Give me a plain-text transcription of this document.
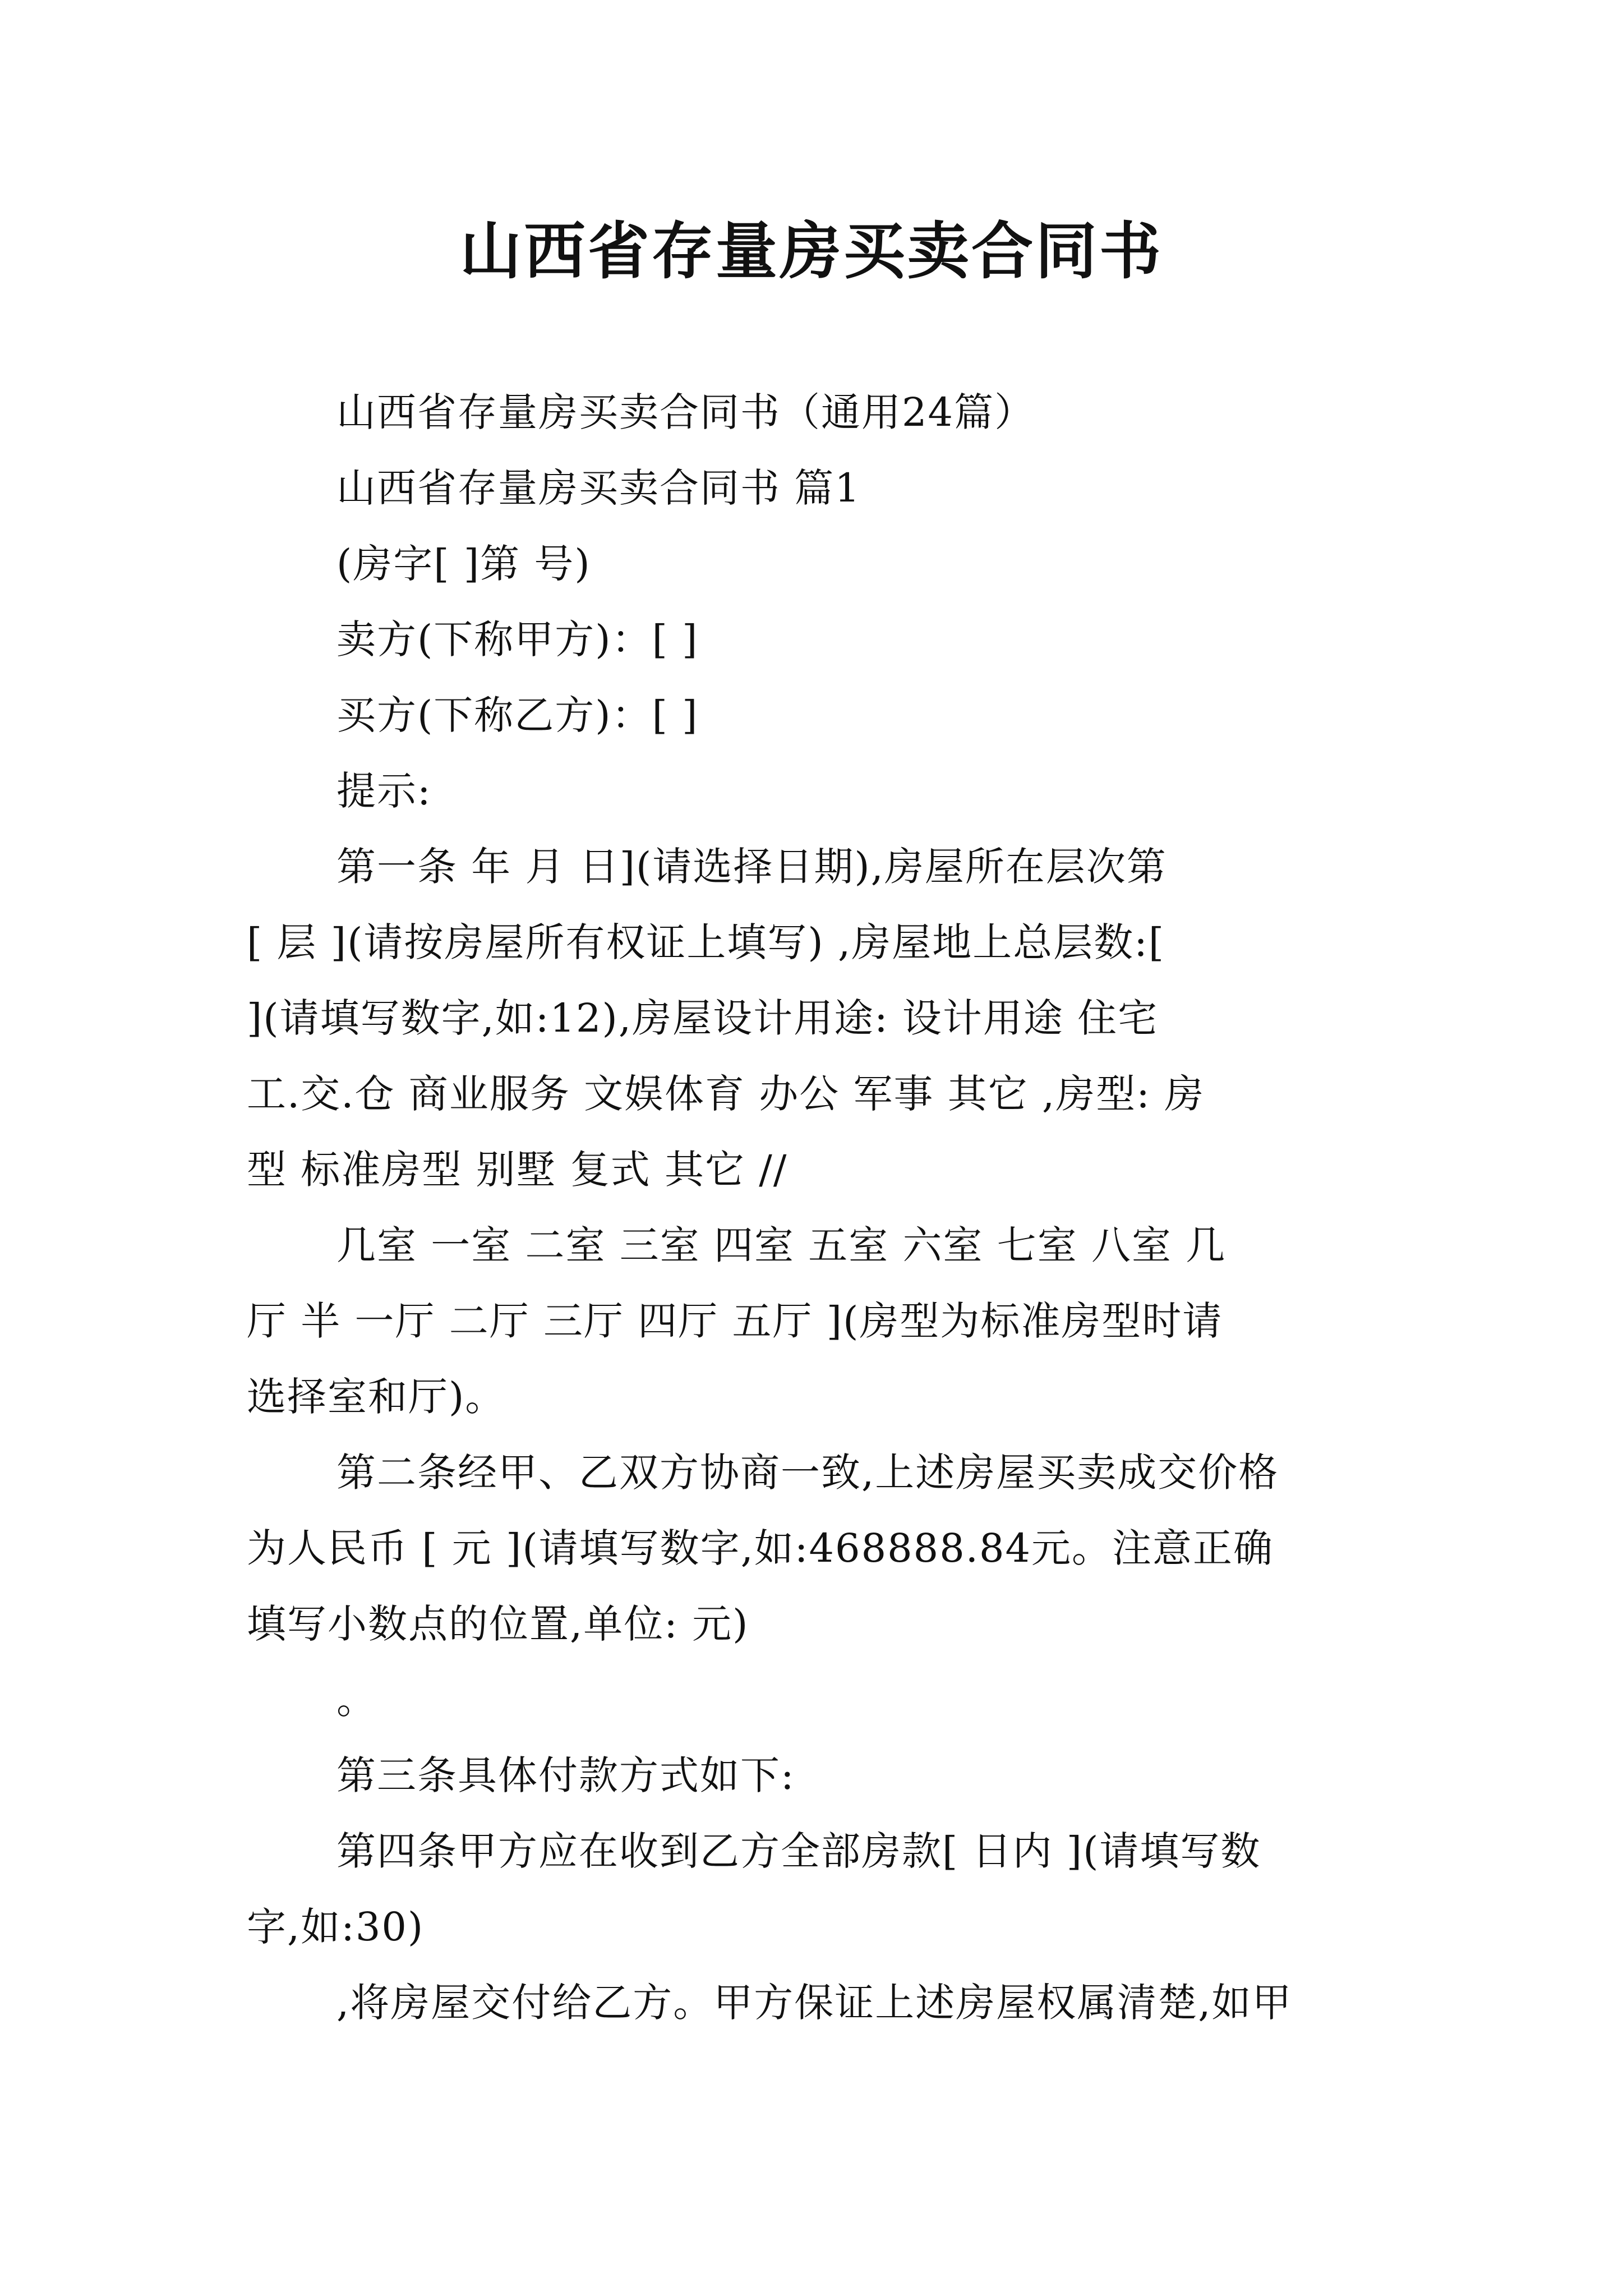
山西省存量房买卖合同书
山西省存量房买卖合同书（通用24篇）
山西省存量房买卖合同书 篇1
(房字[ ]第 号)
卖方(下称甲方)：[ ]
买方(下称乙方)：[ ]
提示:
第一条 年 月 日](请选择日期),房屋所在层次第
[ 层 ](请按房屋所有权证上填写) ,房屋地上总层数:[
](请填写数字,如:12),房屋设计用途: 设计用途 住宅
工.交.仓 商业服务 文娱体育 办公 军事 其它 ,房型: 房
型 标准房型 别墅 复式 其它 //
几室 一室 二室 三室 四室 五室 六室 七室 八室 几
厅 半 一厅 二厅 三厅 四厅 五厅 ](房型为标准房型时请
选择室和厅)。
第二条经甲、乙双方协商一致,上述房屋买卖成交价格
为人民币 [ 元 ](请填写数字,如:468888.84元。注意正确
填写小数点的位置,单位: 元)
。
第三条具体付款方式如下:
第四条甲方应在收到乙方全部房款[ 日内 ](请填写数
字,如:30)
,将房屋交付给乙方。甲方保证上述房屋权属清楚,如甲
